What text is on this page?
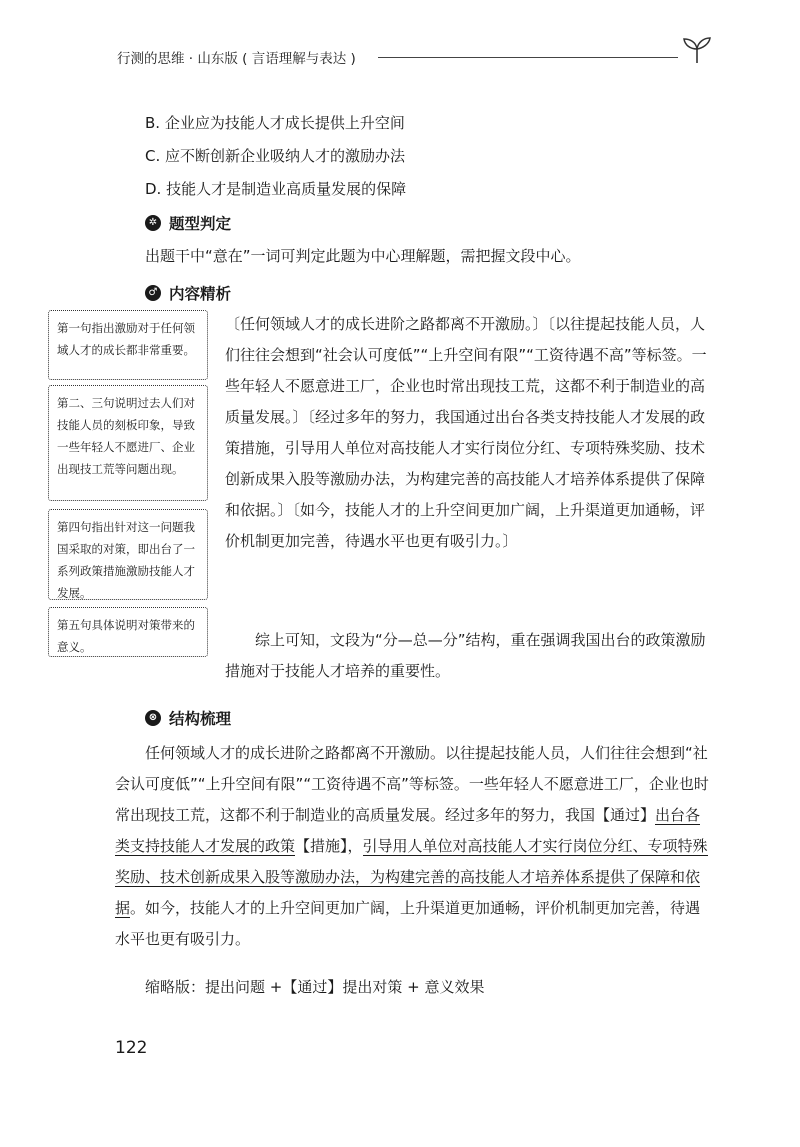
行测的思维 · 山东版 ( 言语理解与表达 )
B. 企业应为技能人才成长提供上升空间
C. 应不断创新企业吸纳人才的激励办法
D. 技能人才是制造业高质量发展的保障
✲ 题型判定
出题干中“意在”一词可判定此题为中心理解题，需把握文段中心。
♂ 内容精析
第一句指出激励对于任何领域人才的成长都非常重要。
第二、三句说明过去人们对技能人员的刻板印象，导致一些年轻人不愿进厂、企业出现技工荒等问题出现。
第四句指出针对这一问题我国采取的对策，即出台了一系列政策措施激励技能人才发展。
第五句具体说明对策带来的意义。
〔任何领域人才的成长进阶之路都离不开激励。〕〔以往提起技能人员，人们往往会想到“社会认可度低”“上升空间有限”“工资待遇不高”等标签。一些年轻人不愿意进工厂，企业也时常出现技工荒，这都不利于制造业的高质量发展。〕〔经过多年的努力，我国通过出台各类支持技能人才发展的政策措施，引导用人单位对高技能人才实行岗位分红、专项特殊奖励、技术创新成果入股等激励办法，为构建完善的高技能人才培养体系提供了保障和依据。〕〔如今，技能人才的上升空间更加广阔，上升渠道更加通畅，评价机制更加完善，待遇水平也更有吸引力。〕
综上可知，文段为“分—总—分”结构，重在强调我国出台的政策激励措施对于技能人才培养的重要性。
⊗ 结构梳理
任何领域人才的成长进阶之路都离不开激励。以往提起技能人员，人们往往会想到“社会认可度低”“上升空间有限”“工资待遇不高”等标签。一些年轻人不愿意进工厂，企业也时常出现技工荒，这都不利于制造业的高质量发展。经过多年的努力，我国【通过】出台各类支持技能人才发展的政策【措施】，引导用人单位对高技能人才实行岗位分红、专项特殊奖励、技术创新成果入股等激励办法，为构建完善的高技能人才培养体系提供了保障和依据。如今，技能人才的上升空间更加广阔，上升渠道更加通畅，评价机制更加完善，待遇水平也更有吸引力。
缩略版：提出问题 +【通过】提出对策 + 意义效果
122
